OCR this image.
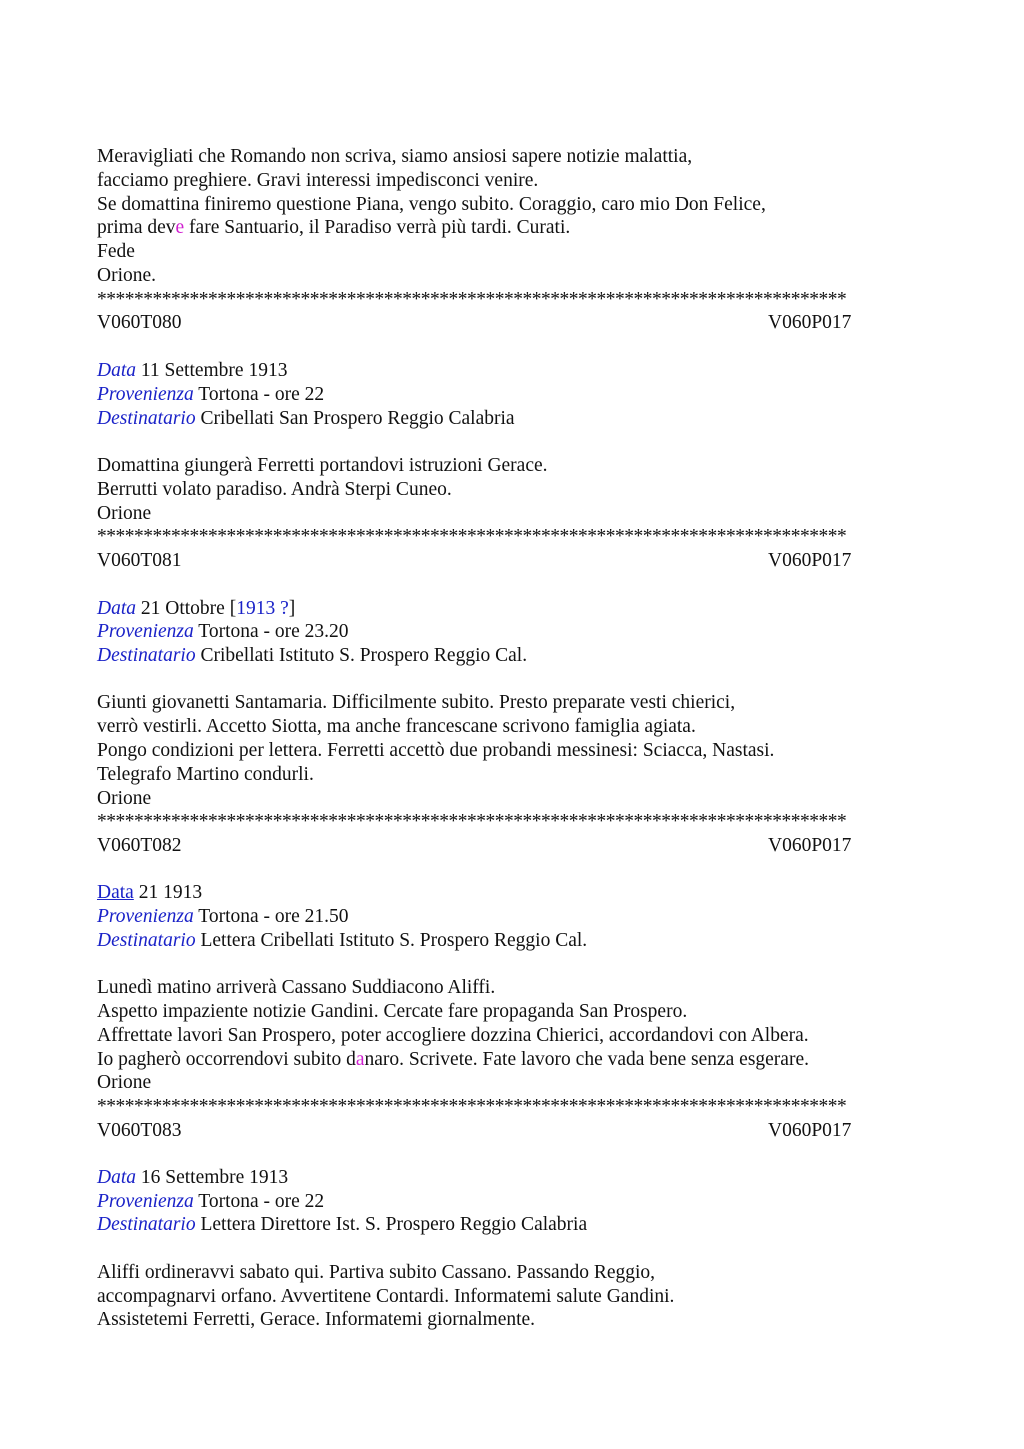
Meravigliati che Romando non scriva, siamo ansiosi sapere notizie malattia,
facciamo preghiere. Gravi interessi impedisconci venire.
Se domattina finiremo questione Piana, vengo subito. Coraggio, caro mio Don Felice,
prima deve fare Santuario, il Paradiso verrà più tardi. Curati.
Fede
Orione.
*********************************************************************************
V060T080	V060P017
Data 11 Settembre 1913
Provenienza Tortona - ore 22
Destinatario Cribellati San Prospero Reggio Calabria
Domattina giungerà Ferretti portandovi istruzioni Gerace.
Berrutti volato paradiso. Andrà Sterpi Cuneo.
Orione
*********************************************************************************
V060T081	V060P017
Data 21 Ottobre [1913 ?]
Provenienza Tortona - ore 23.20
Destinatario Cribellati Istituto S. Prospero Reggio Cal.
Giunti giovanetti Santamaria. Difficilmente subito. Presto preparate vesti chierici,
verrò vestirli. Accetto Siotta, ma anche francescane scrivono famiglia agiata.
Pongo condizioni per lettera. Ferretti accettò due probandi messinesi: Sciacca, Nastasi.
Telegrafo Martino condurli.
Orione
*********************************************************************************
V060T082	V060P017
Data 21 1913
Provenienza Tortona - ore 21.50
Destinatario Lettera Cribellati Istituto S. Prospero Reggio Cal.
Lunedì matino arriverà Cassano Suddiacono Aliffi.
Aspetto impaziente notizie Gandini. Cercate fare propaganda San Prospero.
Affrettate lavori San Prospero, poter accogliere dozzina Chierici, accordandovi con Albera.
Io pagherò occorrendovi subito danaro. Scrivete. Fate lavoro che vada bene senza esgerare.
Orione
*********************************************************************************
V060T083	V060P017
Data 16 Settembre 1913
Provenienza Tortona - ore 22
Destinatario Lettera Direttore Ist. S. Prospero Reggio Calabria
Aliffi ordineravvi sabato qui. Partiva subito Cassano. Passando Reggio,
accompagnarvi orfano. Avvertitene Contardi. Informatemi salute Gandini.
Assistetemi Ferretti, Gerace. Informatemi giornalmente.
